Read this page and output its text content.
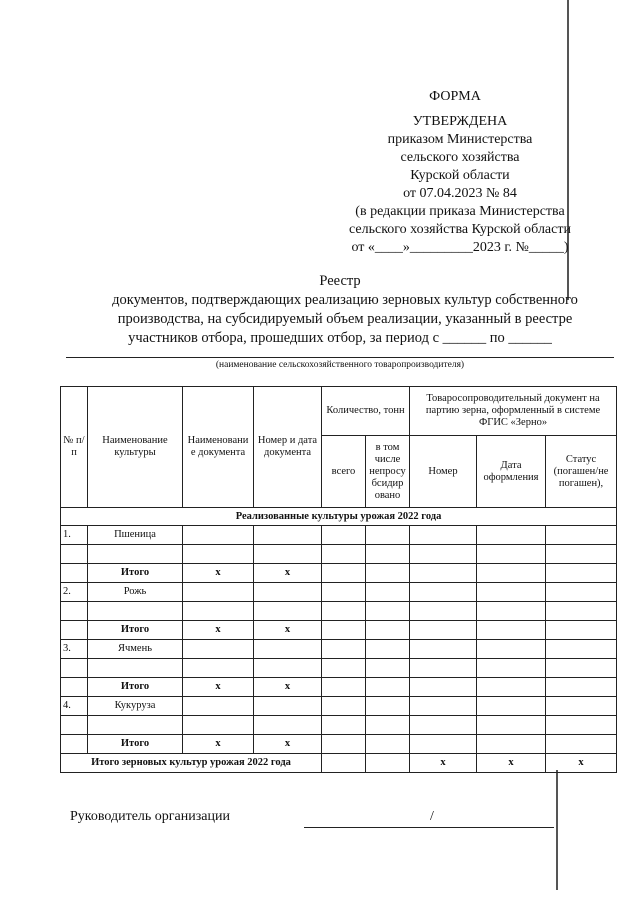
ФОРМА
УТВЕРЖДЕНА
приказом Министерства
сельского хозяйства
Курской области
от 07.04.2023 № 84
(в редакции приказа Министерства
сельского хозяйства Курской области
от «____»_________2023 г. №_____)
Реестр
документов, подтверждающих реализацию зерновых культур собственного
производства, на субсидируемый объем реализации, указанный в реестре
участников отбора, прошедших отбор, за период с ______ по ______
(наименование сельскохозяйственного товаропроизводителя)
№ п/п	Наименование культуры	Наименовани е документа	Номер и дата документа	Количество, тонн		Товаросопроводительный документ на партию зерна, оформленный в системе ФГИС «Зерно»		
				всего	в том числе непросу бсидир овано	Номер	Дата оформления	Статус (погашен/не погашен),
Реализованные культуры урожая 2022 года								
1.	Пшеница							

	Итого	x	x					
2.	Рожь							

	Итого	x	x					
3.	Ячмень							

	Итого	x	x					
4.	Кукуруза							

	Итого	x	x					
Итого зерновых культур урожая 2022 года						x	x	x
Руководитель организации	/
